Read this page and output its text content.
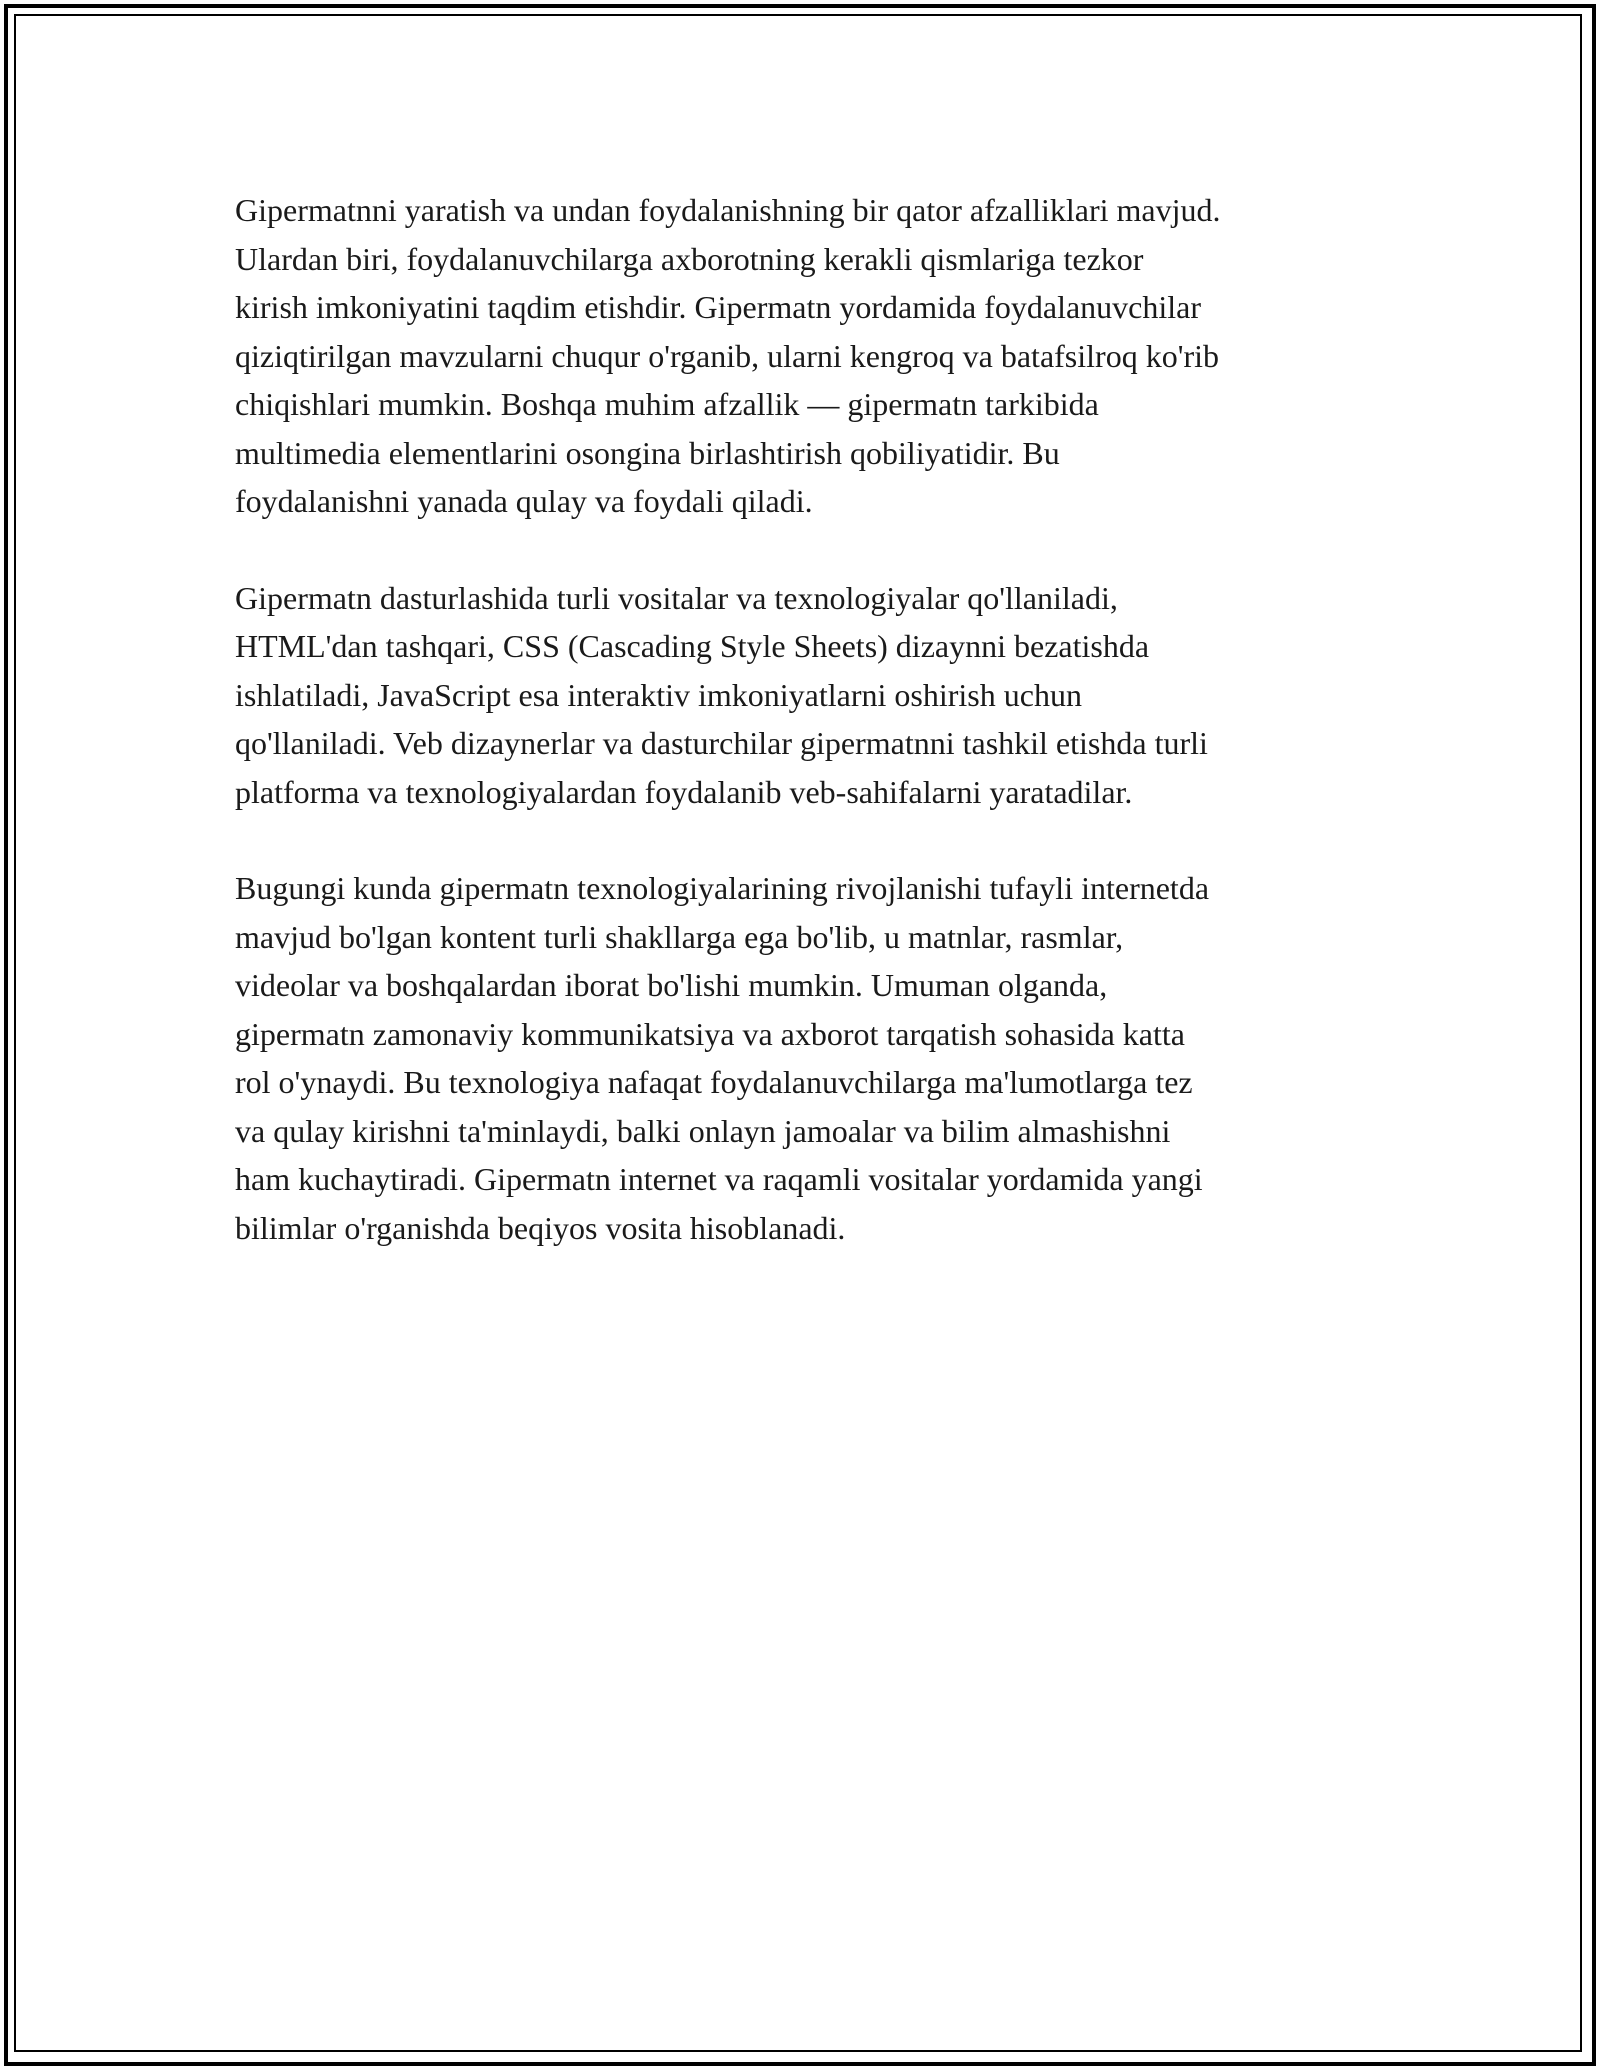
Gipermatnni yaratish va undan foydalanishning bir qator afzalliklari mavjud.
Ulardan biri, foydalanuvchilarga axborotning kerakli qismlariga tezkor
kirish imkoniyatini taqdim etishdir. Gipermatn yordamida foydalanuvchilar
qiziqtirilgan mavzularni chuqur o'rganib, ularni kengroq va batafsilroq ko'rib
chiqishlari mumkin. Boshqa muhim afzallik — gipermatn tarkibida
multimedia elementlarini osongina birlashtirish qobiliyatidir. Bu
foydalanishni yanada qulay va foydali qiladi.

Gipermatn dasturlashida turli vositalar va texnologiyalar qo'llaniladi,
HTML'dan tashqari, CSS (Cascading Style Sheets) dizaynni bezatishda
ishlatiladi, JavaScript esa interaktiv imkoniyatlarni oshirish uchun
qo'llaniladi. Veb dizaynerlar va dasturchilar gipermatnni tashkil etishda turli
platforma va texnologiyalardan foydalanib veb-sahifalarni yaratadilar.

Bugungi kunda gipermatn texnologiyalarining rivojlanishi tufayli internetda
mavjud bo'lgan kontent turli shakllarga ega bo'lib, u matnlar, rasmlar,
videolar va boshqalardan iborat bo'lishi mumkin. Umuman olganda,
gipermatn zamonaviy kommunikatsiya va axborot tarqatish sohasida katta
rol o'ynaydi. Bu texnologiya nafaqat foydalanuvchilarga ma'lumotlarga tez
va qulay kirishni ta'minlaydi, balki onlayn jamoalar va bilim almashishni
ham kuchaytiradi. Gipermatn internet va raqamli vositalar yordamida yangi
bilimlar o'rganishda beqiyos vosita hisoblanadi.
